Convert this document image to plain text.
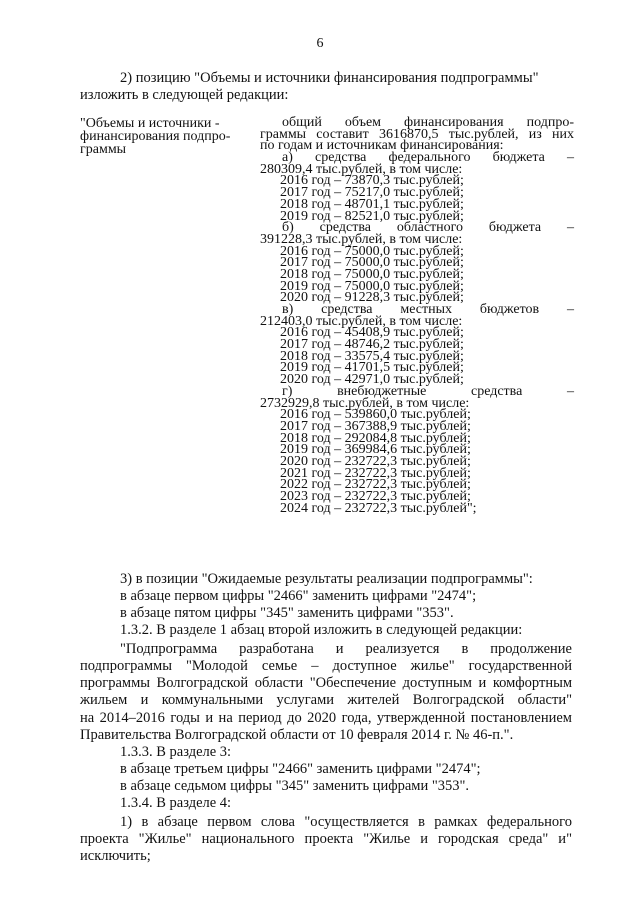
6
2) позицию "Объемы и источники финансирования подпрограммы"
изложить в следующей редакции:
"Объемы и источники -
финансирования подпро-
граммы
общий объем финансирования подпро-
граммы составит 3616870,5 тыс.рублей, из них
по годам и источникам финансирования:
а) средства федерального бюджета –
280309,4 тыс.рублей, в том числе:
2016 год – 73870,3 тыс.рублей;
2017 год – 75217,0 тыс.рублей;
2018 год – 48701,1 тыс.рублей;
2019 год – 82521,0 тыс.рублей;
б) средства областного бюджета –
391228,3 тыс.рублей, в том числе:
2016 год – 75000,0 тыс.рублей;
2017 год – 75000,0 тыс.рублей;
2018 год – 75000,0 тыс.рублей;
2019 год – 75000,0 тыс.рублей;
2020 год – 91228,3 тыс.рублей;
в) средства местных бюджетов –
212403,0 тыс.рублей, в том числе:
2016 год – 45408,9 тыс.рублей;
2017 год – 48746,2 тыс.рублей;
2018 год – 33575,4 тыс.рублей;
2019 год – 41701,5 тыс.рублей;
2020 год – 42971,0 тыс.рублей;
г) внебюджетные средства –
2732929,8 тыс.рублей, в том числе:
2016 год – 539860,0 тыс.рублей;
2017 год – 367388,9 тыс.рублей;
2018 год – 292084,8 тыс.рублей;
2019 год – 369984,6 тыс.рублей;
2020 год – 232722,3 тыс.рублей;
2021 год – 232722,3 тыс.рублей;
2022 год – 232722,3 тыс.рублей;
2023 год – 232722,3 тыс.рублей;
2024 год – 232722,3 тыс.рублей";
3) в позиции "Ожидаемые результаты реализации подпрограммы":
в абзаце первом цифры "2466" заменить цифрами "2474";
в абзаце пятом цифры "345" заменить цифрами "353".
1.3.2. В разделе 1 абзац второй изложить в следующей редакции:
"Подпрограмма разработана и реализуется в продолжение
подпрограммы "Молодой семье – доступное жилье" государственной
программы Волгоградской области "Обеспечение доступным и комфортным
жильем и коммунальными услугами жителей Волгоградской области"
на 2014–2016 годы и на период до 2020 года, утвержденной постановлением
Правительства Волгоградской области от 10 февраля 2014 г. № 46-п.".
1.3.3. В разделе 3:
в абзаце третьем цифры "2466" заменить цифрами "2474";
в абзаце седьмом цифры "345" заменить цифрами "353".
1.3.4. В разделе 4:
1) в абзаце первом слова "осуществляется в рамках федерального
проекта "Жилье" национального проекта "Жилье и городская среда" и"
исключить;
